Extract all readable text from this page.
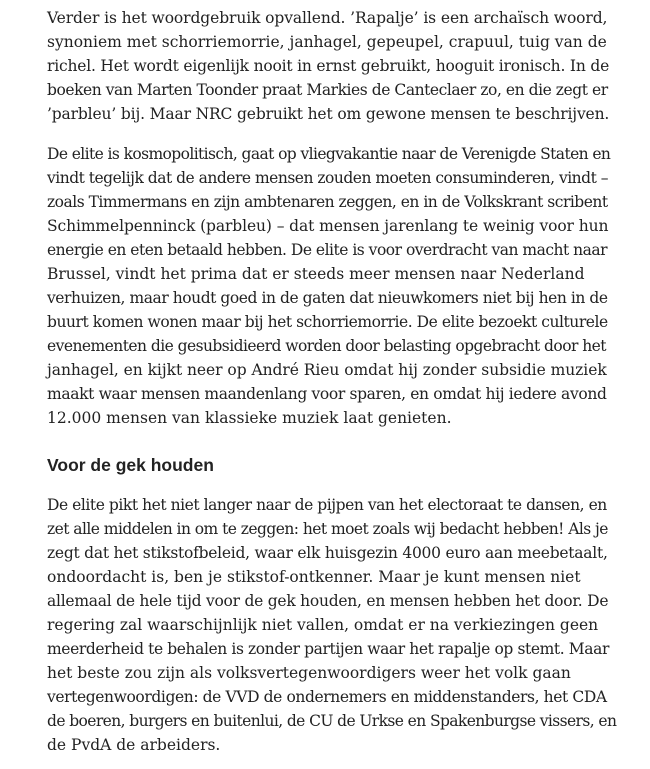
Verder is het woordgebruik opvallend. ’Rapalje’ is een archaïsch woord,
synoniem met schorriemorrie, janhagel, gepeupel, crapuul, tuig van de
richel. Het wordt eigenlijk nooit in ernst gebruikt, hooguit ironisch. In de
boeken van Marten Toonder praat Markies de Canteclaer zo, en die zegt er
’parbleu’ bij. Maar NRC gebruikt het om gewone mensen te beschrijven.

De elite is kosmopolitisch, gaat op vliegvakantie naar de Verenigde Staten en
vindt tegelijk dat de andere mensen zouden moeten consuminderen, vindt –
zoals Timmermans en zijn ambtenaren zeggen, en in de Volkskrant scribent
Schimmelpenninck (parbleu) – dat mensen jarenlang te weinig voor hun
energie en eten betaald hebben. De elite is voor overdracht van macht naar
Brussel, vindt het prima dat er steeds meer mensen naar Nederland
verhuizen, maar houdt goed in de gaten dat nieuwkomers niet bij hen in de
buurt komen wonen maar bij het schorriemorrie. De elite bezoekt culturele
evenementen die gesubsidieerd worden door belasting opgebracht door het
janhagel, en kijkt neer op André Rieu omdat hij zonder subsidie muziek
maakt waar mensen maandenlang voor sparen, en omdat hij iedere avond
12.000 mensen van klassieke muziek laat genieten.

Voor de gek houden

De elite pikt het niet langer naar de pijpen van het electoraat te dansen, en
zet alle middelen in om te zeggen: het moet zoals wij bedacht hebben! Als je
zegt dat het stikstofbeleid, waar elk huisgezin 4000 euro aan meebetaalt,
ondoordacht is, ben je stikstof-ontkenner. Maar je kunt mensen niet
allemaal de hele tijd voor de gek houden, en mensen hebben het door. De
regering zal waarschijnlijk niet vallen, omdat er na verkiezingen geen
meerderheid te behalen is zonder partijen waar het rapalje op stemt. Maar
het beste zou zijn als volksvertegenwoordigers weer het volk gaan
vertegenwoordigen: de VVD de ondernemers en middenstanders, het CDA
de boeren, burgers en buitenlui, de CU de Urkse en Spakenburgse vissers, en
de PvdA de arbeiders.
